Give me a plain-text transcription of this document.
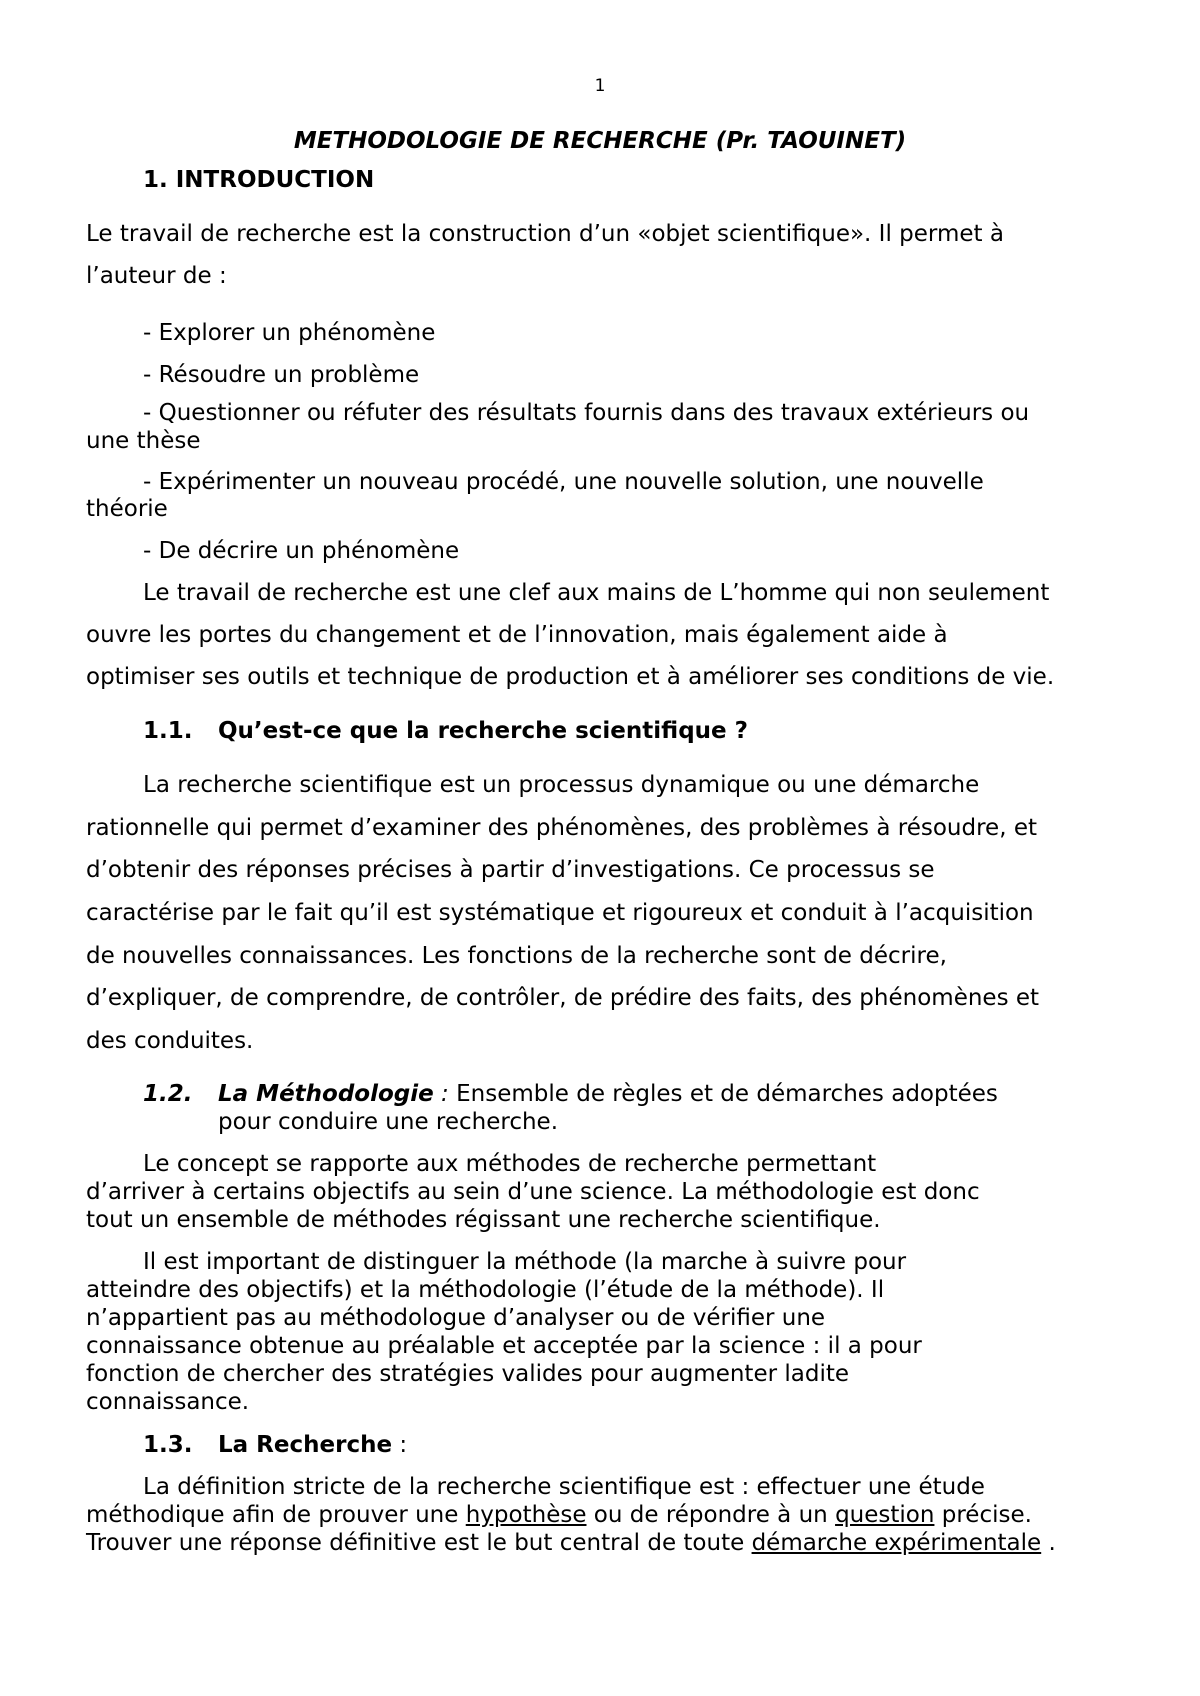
1
METHODOLOGIE DE RECHERCHE (Pr. TAOUINET)
1. INTRODUCTION
Le travail de recherche est la construction d’un «objet scientifique». Il permet à
l’auteur de :
- Explorer un phénomène
- Résoudre un problème
- Questionner ou réfuter des résultats fournis dans des travaux extérieurs ou
une thèse
- Expérimenter un nouveau procédé, une nouvelle solution, une nouvelle
théorie
- De décrire un phénomène
Le travail de recherche est une clef aux mains de L’homme qui non seulement
ouvre les portes du changement et de l’innovation, mais également aide à
optimiser ses outils et technique de production et à améliorer ses conditions de vie.
1.1. Qu’est-ce que la recherche scientifique ?
La recherche scientifique est un processus dynamique ou une démarche
rationnelle qui permet d’examiner des phénomènes, des problèmes à résoudre, et
d’obtenir des réponses précises à partir d’investigations. Ce processus se
caractérise par le fait qu’il est systématique et rigoureux et conduit à l’acquisition
de nouvelles connaissances. Les fonctions de la recherche sont de décrire,
d’expliquer, de comprendre, de contrôler, de prédire des faits, des phénomènes et
des conduites.
1.2. La Méthodologie : Ensemble de règles et de démarches adoptées
pour conduire une recherche.
Le concept se rapporte aux méthodes de recherche permettant
d’arriver à certains objectifs au sein d’une science. La méthodologie est donc
tout un ensemble de méthodes régissant une recherche scientifique.
Il est important de distinguer la méthode (la marche à suivre pour
atteindre des objectifs) et la méthodologie (l’étude de la méthode). Il
n’appartient pas au méthodologue d’analyser ou de vérifier une
connaissance obtenue au préalable et acceptée par la science : il a pour
fonction de chercher des stratégies valides pour augmenter ladite
connaissance.
1.3. La Recherche :
La définition stricte de la recherche scientifique est : effectuer une étude
méthodique afin de prouver une hypothèse ou de répondre à un question précise.
Trouver une réponse définitive est le but central de toute démarche expérimentale .
